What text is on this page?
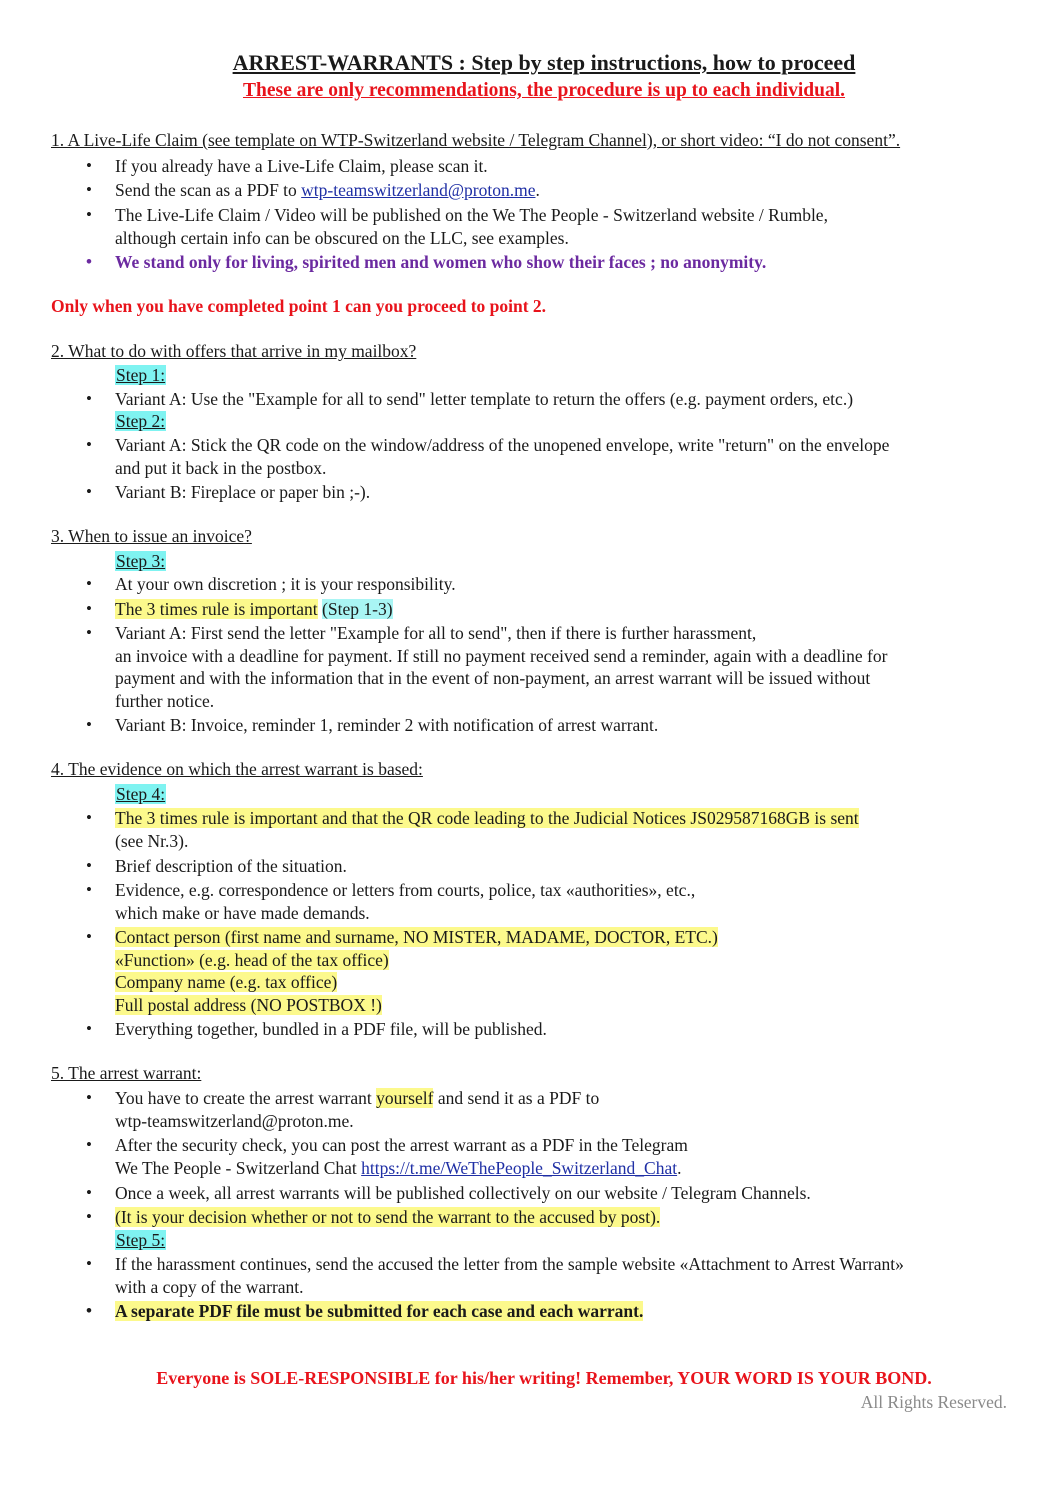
ARREST-WARRANTS : Step by step instructions, how to proceed
These are only recommendations, the procedure is up to each individual.
1. A Live-Life Claim (see template on WTP-Switzerland website / Telegram Channel), or short video: “I do not consent”.
• If you already have a Live-Life Claim, please scan it.
• Send the scan as a PDF to wtp-teamswitzerland@proton.me.
• The Live-Life Claim / Video will be published on the We The People - Switzerland website / Rumble,
although certain info can be obscured on the LLC, see examples.
• We stand only for living, spirited men and women who show their faces ; no anonymity.
Only when you have completed point 1 can you proceed to point 2.
2. What to do with offers that arrive in my mailbox?
Step 1:
• Variant A: Use the "Example for all to send" letter template to return the offers (e.g. payment orders, etc.)
Step 2:
• Variant A: Stick the QR code on the window/address of the unopened envelope, write "return" on the envelope
and put it back in the postbox.
• Variant B: Fireplace or paper bin ;-).
3. When to issue an invoice?
Step 3:
• At your own discretion ; it is your responsibility.
• The 3 times rule is important (Step 1-3)
• Variant A: First send the letter "Example for all to send", then if there is further harassment,
an invoice with a deadline for payment. If still no payment received send a reminder, again with a deadline for
payment and with the information that in the event of non-payment, an arrest warrant will be issued without
further notice.
• Variant B: Invoice, reminder 1, reminder 2 with notification of arrest warrant.
4. The evidence on which the arrest warrant is based:
Step 4:
• The 3 times rule is important and that the QR code leading to the Judicial Notices JS029587168GB is sent
(see Nr.3).
• Brief description of the situation.
• Evidence, e.g. correspondence or letters from courts, police, tax «authorities», etc.,
which make or have made demands.
• Contact person (first name and surname, NO MISTER, MADAME, DOCTOR, ETC.)
«Function» (e.g. head of the tax office)
Company name (e.g. tax office)
Full postal address (NO POSTBOX !)
• Everything together, bundled in a PDF file, will be published.
5. The arrest warrant:
• You have to create the arrest warrant yourself and send it as a PDF to
wtp-teamswitzerland@proton.me.
• After the security check, you can post the arrest warrant as a PDF in the Telegram
We The People - Switzerland Chat https://t.me/WeThePeople_Switzerland_Chat.
• Once a week, all arrest warrants will be published collectively on our website / Telegram Channels.
• (It is your decision whether or not to send the warrant to the accused by post).
Step 5:
• If the harassment continues, send the accused the letter from the sample website «Attachment to Arrest Warrant»
with a copy of the warrant.
• A separate PDF file must be submitted for each case and each warrant.
Everyone is SOLE-RESPONSIBLE for his/her writing! Remember, YOUR WORD IS YOUR BOND.
All Rights Reserved.
